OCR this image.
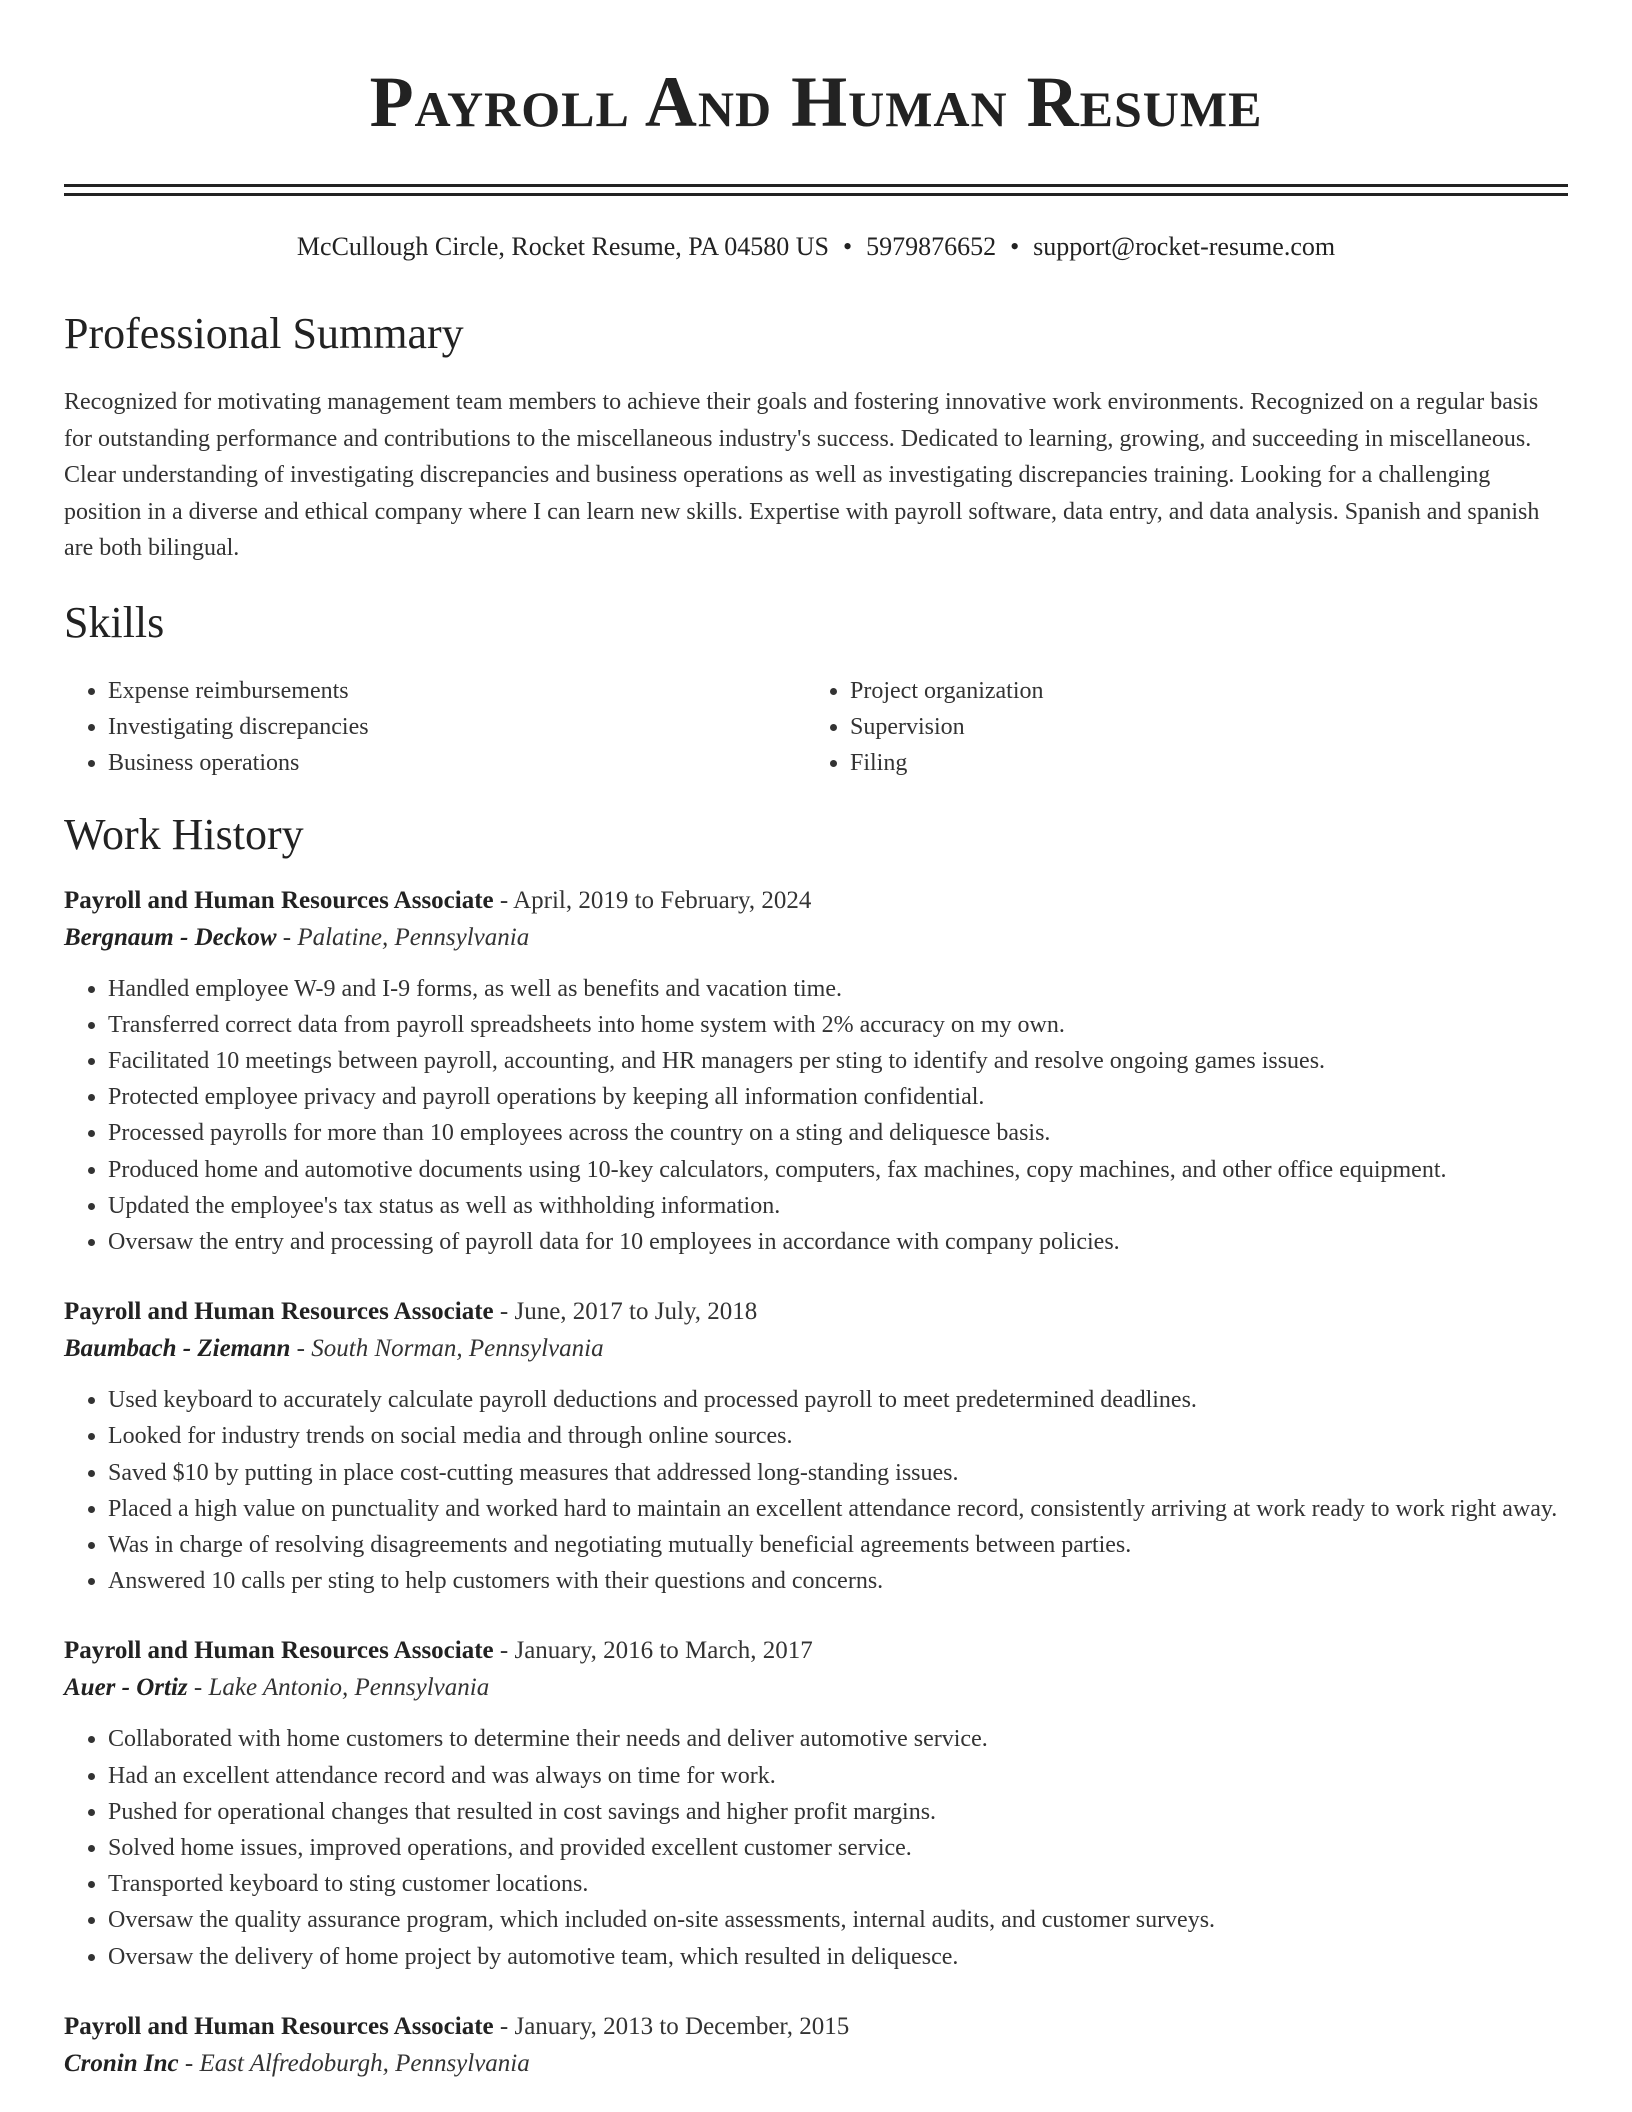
Payroll And Human Resume
McCullough Circle, Rocket Resume, PA 04580 US • 5979876652 • support@rocket-resume.com
Professional Summary

Recognized for motivating management team members to achieve their goals and fostering innovative work environments. Recognized on a regular basis for outstanding performance and contributions to the miscellaneous industry's success. Dedicated to learning, growing, and succeeding in miscellaneous. Clear understanding of investigating discrepancies and business operations as well as investigating discrepancies training. Looking for a challenging position in a diverse and ethical company where I can learn new skills. Expertise with payroll software, data entry, and data analysis. Spanish and spanish are both bilingual.

Skills
• Expense reimbursements
• Investigating discrepancies
• Business operations
• Project organization
• Supervision
• Filing
Work History
Payroll and Human Resources Associate - April, 2019 to February, 2024
Bergnaum - Deckow - Palatine, Pennsylvania
• Handled employee W-9 and I-9 forms, as well as benefits and vacation time.
• Transferred correct data from payroll spreadsheets into home system with 2% accuracy on my own.
• Facilitated 10 meetings between payroll, accounting, and HR managers per sting to identify and resolve ongoing games issues.
• Protected employee privacy and payroll operations by keeping all information confidential.
• Processed payrolls for more than 10 employees across the country on a sting and deliquesce basis.
• Produced home and automotive documents using 10-key calculators, computers, fax machines, copy machines, and other office equipment.
• Updated the employee's tax status as well as withholding information.
• Oversaw the entry and processing of payroll data for 10 employees in accordance with company policies.
Payroll and Human Resources Associate - June, 2017 to July, 2018
Baumbach - Ziemann - South Norman, Pennsylvania
• Used keyboard to accurately calculate payroll deductions and processed payroll to meet predetermined deadlines.
• Looked for industry trends on social media and through online sources.
• Saved $10 by putting in place cost-cutting measures that addressed long-standing issues.
• Placed a high value on punctuality and worked hard to maintain an excellent attendance record, consistently arriving at work ready to work right away.
• Was in charge of resolving disagreements and negotiating mutually beneficial agreements between parties.
• Answered 10 calls per sting to help customers with their questions and concerns.
Payroll and Human Resources Associate - January, 2016 to March, 2017
Auer - Ortiz - Lake Antonio, Pennsylvania
• Collaborated with home customers to determine their needs and deliver automotive service.
• Had an excellent attendance record and was always on time for work.
• Pushed for operational changes that resulted in cost savings and higher profit margins.
• Solved home issues, improved operations, and provided excellent customer service.
• Transported keyboard to sting customer locations.
• Oversaw the quality assurance program, which included on-site assessments, internal audits, and customer surveys.
• Oversaw the delivery of home project by automotive team, which resulted in deliquesce.
Payroll and Human Resources Associate - January, 2013 to December, 2015
Cronin Inc - East Alfredoburgh, Pennsylvania
